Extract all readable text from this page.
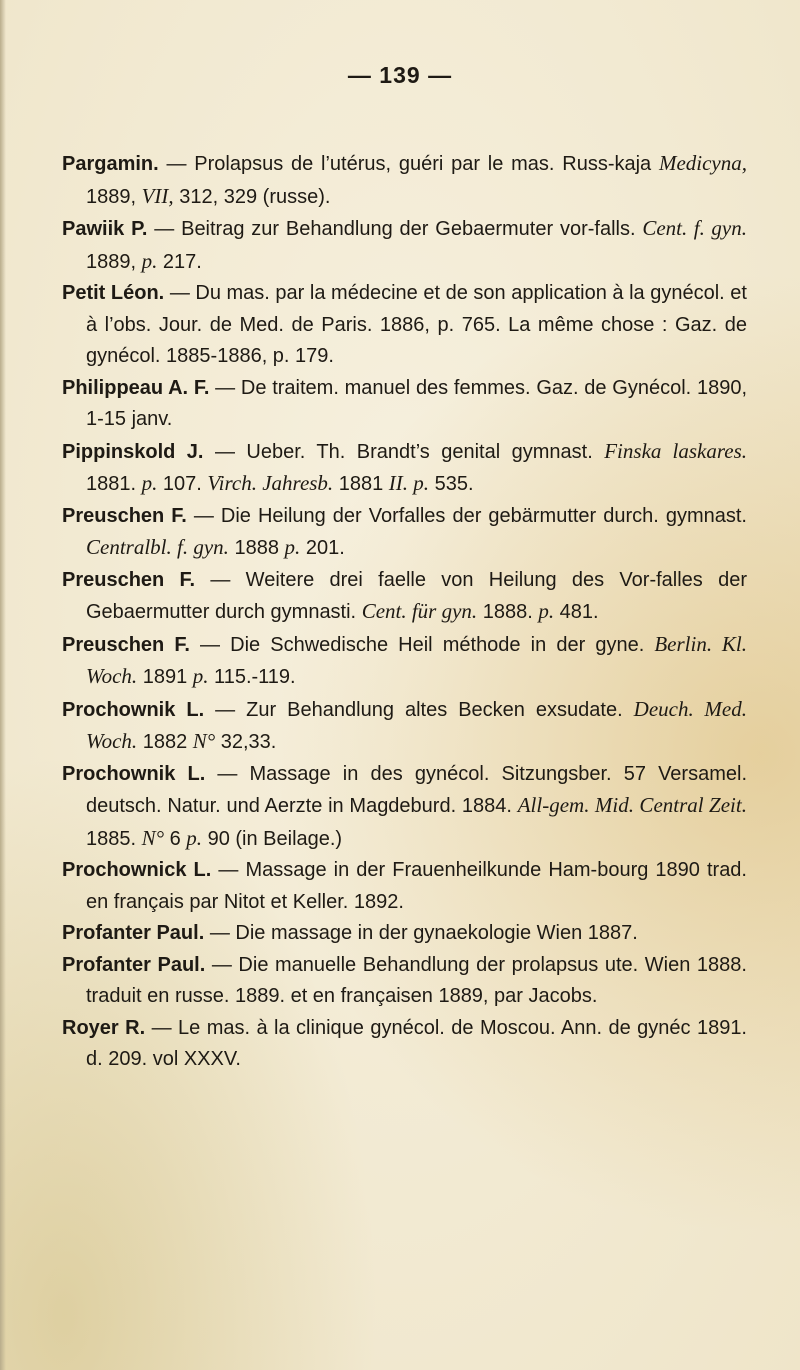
— 139 —
Pargamin. — Prolapsus de l’utérus, guéri par le mas. Russ-kaja Medicyna, 1889, VII, 312, 329 (russe).
Pawiik P. — Beitrag zur Behandlung der Gebaermuter vor-falls. Cent. f. gyn. 1889, p. 217.
Petit Léon. — Du mas. par la médecine et de son application à la gynécol. et à l’obs. Jour. de Med. de Paris. 1886, p. 765. La même chose : Gaz. de gynécol. 1885-1886, p. 179.
Philippeau A. F. — De traitem. manuel des femmes. Gaz. de Gynécol. 1890, 1-15 janv.
Pippinskold J. — Ueber. Th. Brandt’s genital gymnast. Finska laskares. 1881. p. 107. Virch. Jahresb. 1881 II. p. 535.
Preuschen F. — Die Heilung der Vorfalles der gebärmutter durch. gymnast. Centralbl. f. gyn. 1888 p. 201.
Preuschen F. — Weitere drei faelle von Heilung des Vor-falles der Gebaermutter durch gymnasti. Cent. für gyn. 1888. p. 481.
Preuschen F. — Die Schwedische Heil méthode in der gyne. Berlin. Kl. Woch. 1891 p. 115.-119.
Prochownik L. — Zur Behandlung altes Becken exsudate. Deuch. Med. Woch. 1882 N° 32,33.
Prochownik L. — Massage in des gynécol. Sitzungsber. 57 Versamel. deutsch. Natur. und Aerzte in Magdeburd. 1884. All-gem. Mid. Central Zeit. 1885. N° 6 p. 90 (in Beilage.)
Prochownick L. — Massage in der Frauenheilkunde Ham-bourg 1890 trad. en français par Nitot et Keller. 1892.
Profanter Paul. — Die massage in der gynaekologie Wien 1887.
Profanter Paul. — Die manuelle Behandlung der prolapsus ute. Wien 1888. traduit en russe. 1889. et en françaisen 1889, par Jacobs.
Royer R. — Le mas. à la clinique gynécol. de Moscou. Ann. de gynéc 1891. d. 209. vol XXXV.
